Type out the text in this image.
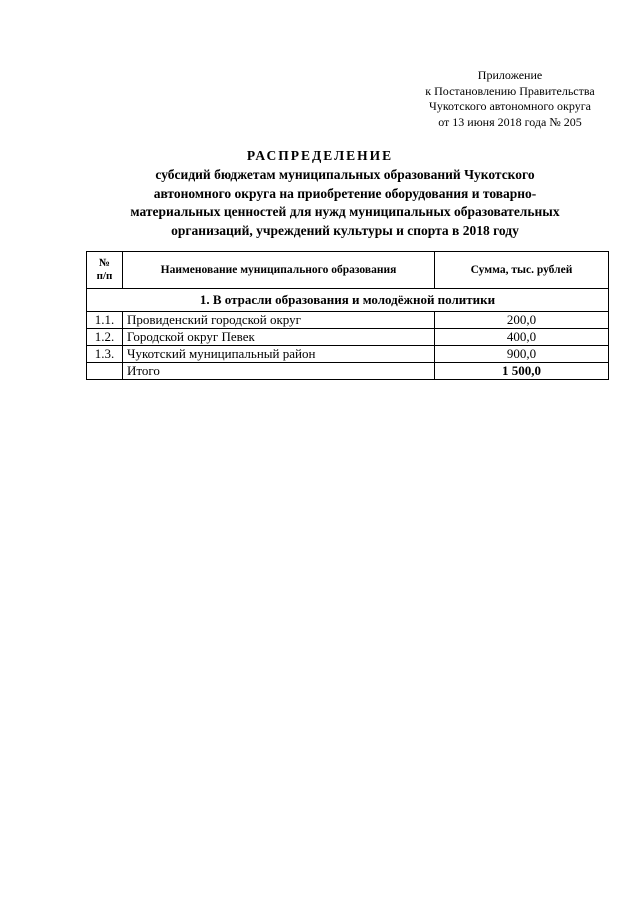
Приложение
к Постановлению Правительства
Чукотского автономного округа
от 13 июня 2018 года № 205
РАСПРЕДЕЛЕНИЕ
субсидий бюджетам муниципальных образований Чукотского
автономного округа на приобретение оборудования и товарно-
материальных ценностей для нужд муниципальных образовательных
организаций, учреждений культуры и спорта в 2018 году
№
п/п	Наименование муниципального образования	Сумма, тыс. рублей
1. В отрасли образования и молодёжной политики		
1.1.	Провиденский городской округ	200,0
1.2.	Городской округ Певек	400,0
1.3.	Чукотский муниципальный район	900,0
	Итого	1 500,0
